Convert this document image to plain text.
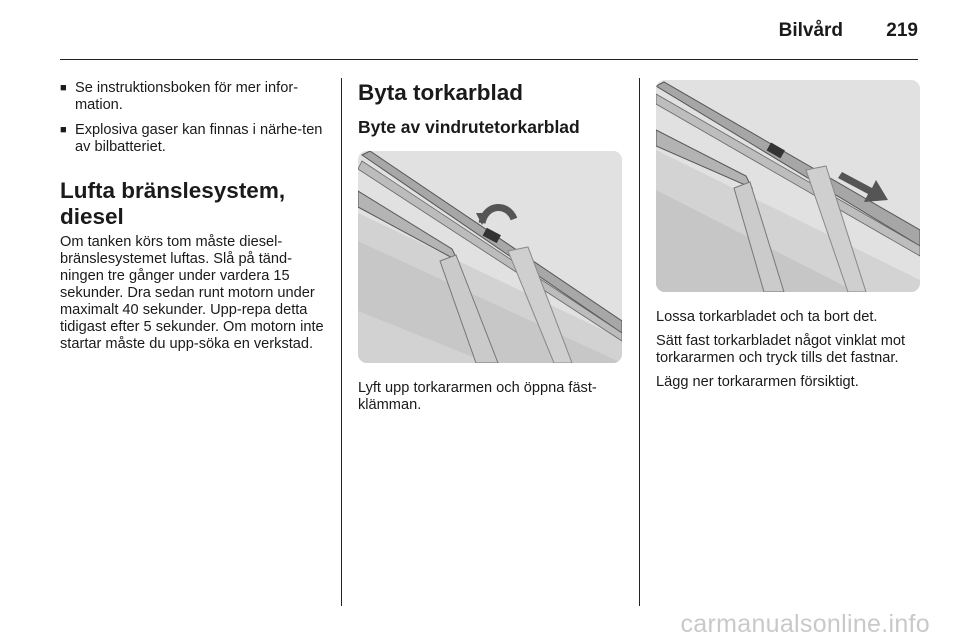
Bilvård 219
■ Se instruktionsboken för mer infor-mation.
■ Explosiva gaser kan finnas i närhe-ten av bilbatteriet.
Lufta bränslesystem, diesel

Om tanken körs tom måste diesel-bränslesystemet luftas. Slå på tänd-ningen tre gånger under vardera 15 sekunder. Dra sedan runt motorn under maximalt 40 sekunder. Upp-repa detta tidigast efter 5 sekunder. Om motorn inte startar måste du upp-söka en verkstad.

Byta torkarblad
Byte av vindrutetorkarblad

Lyft upp torkararmen och öppna fäst-klämman.

Lossa torkarbladet och ta bort det.

Sätt fast torkarbladet något vinklat mot torkararmen och tryck tills det fastnar.

Lägg ner torkararmen försiktigt.

carmanualsonline.info
